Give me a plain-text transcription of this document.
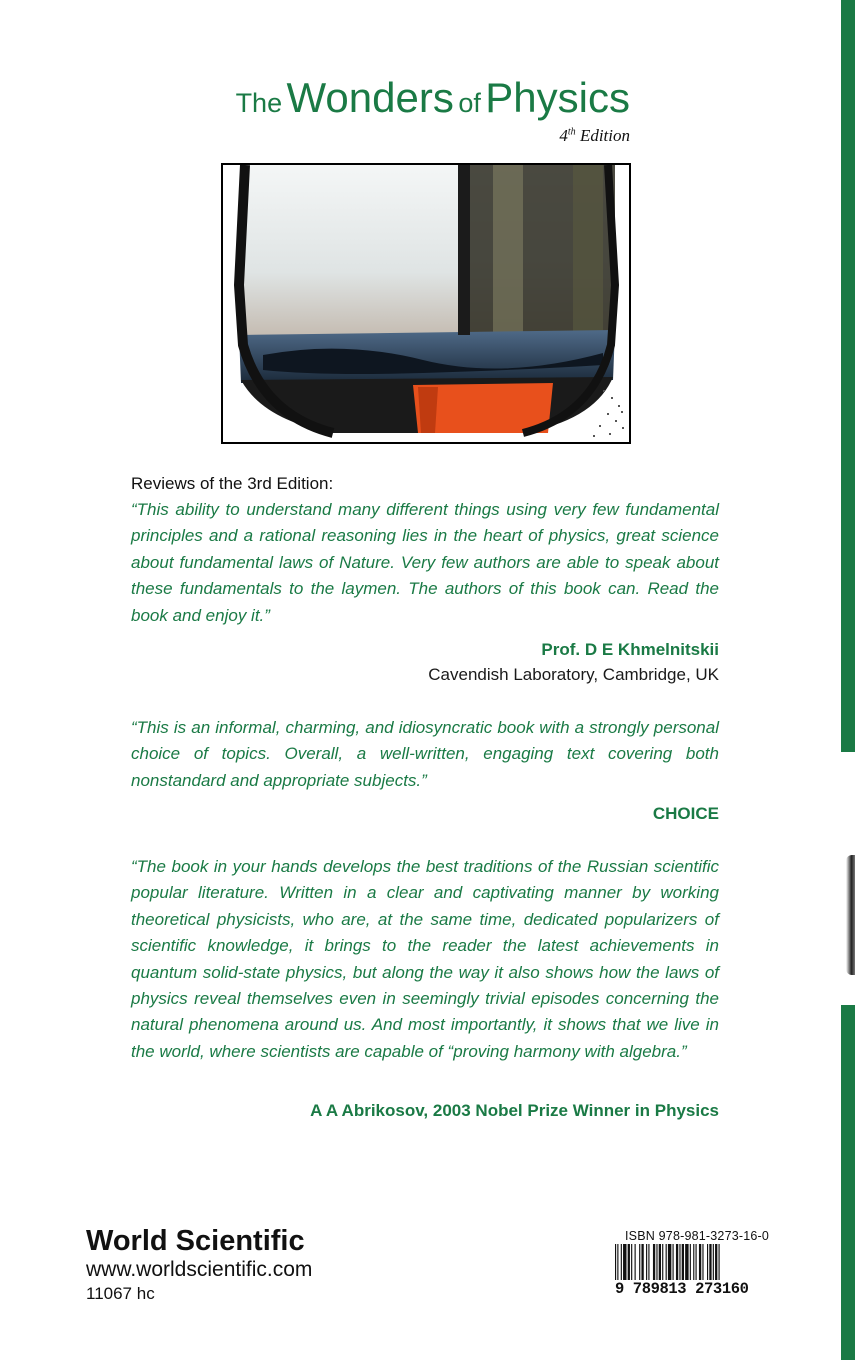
The Wonders of Physics
4th Edition
Reviews of the 3rd Edition:

“This ability to understand many different things using very few fundamental principles and a rational reasoning lies in the heart of physics, great science about fundamental laws of Nature. Very few authors are able to speak about these fundamentals to the laymen. The authors of this book can. Read the book and enjoy it.”

Prof. D E Khmelnitskii
Cavendish Laboratory, Cambridge, UK

“This is an informal, charming, and idiosyncratic book with a strongly personal choice of topics. Overall, a well-written, engaging text covering both nonstandard and appropriate subjects.”

CHOICE

“The book in your hands develops the best traditions of the Russian scientific popular literature. Written in a clear and captivating manner by working theoretical physicists, who are, at the same time, dedicated popularizers of scientific knowledge, it brings to the reader the latest achievements in quantum solid-state physics, but along the way it also shows how the laws of physics reveal themselves even in seemingly trivial episodes concerning the natural phenomena around us. And most importantly, it shows that we live in the world, where scientists are capable of “proving harmony with algebra.”

A A Abrikosov, 2003 Nobel Prize Winner in Physics
World Scientific
www.worldscientific.com
11067 hc
ISBN 978-981-3273-16-0
9 789813 273160
